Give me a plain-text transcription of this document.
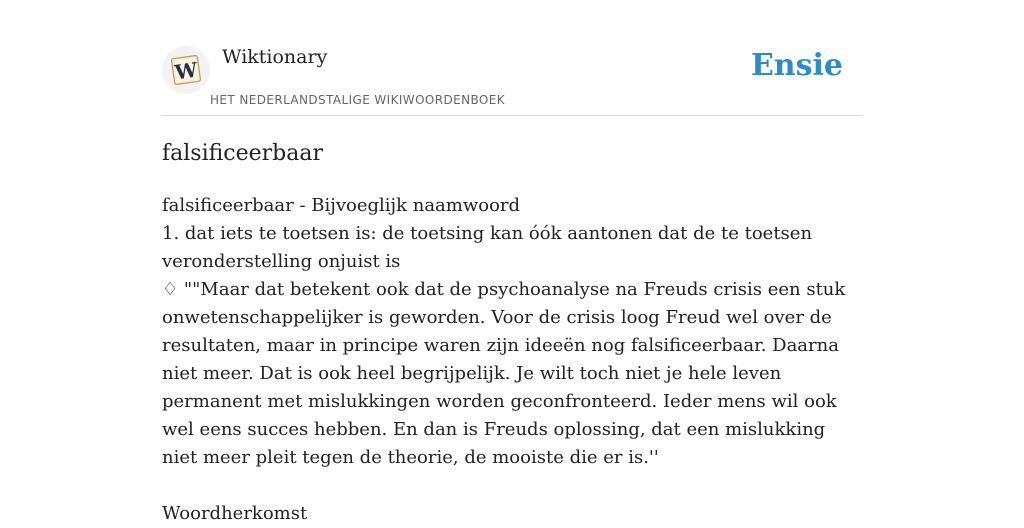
W
Wiktionary
HET NEDERLANDSTALIGE WIKIWOORDENBOEK
Ensie
falsificeerbaar

falsificeerbaar - Bijvoeglijk naamwoord

1. dat iets te toetsen is: de toetsing kan óók aantonen dat de te toetsen veronderstelling onjuist is

♢ ""Maar dat betekent ook dat de psychoanalyse na Freuds crisis een stuk onwetenschappelijker is geworden. Voor de crisis loog Freud wel over de resultaten, maar in principe waren zijn ideeën nog falsificeerbaar. Daarna niet meer. Dat is ook heel begrijpelijk. Je wilt toch niet je hele leven permanent met mislukkingen worden geconfronteerd. Ieder mens wil ook wel eens succes hebben. En dan is Freuds oplossing, dat een mislukking niet meer pleit tegen de theorie, de mooiste die er is.''

Woordherkomst
